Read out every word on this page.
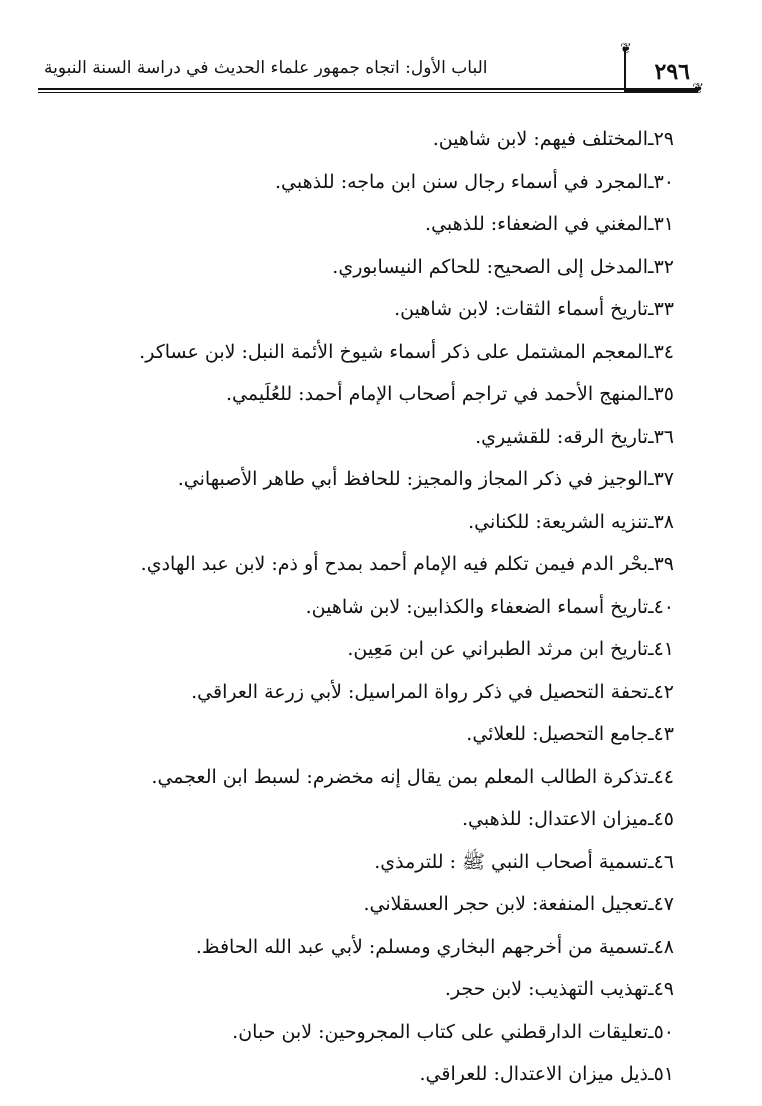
الباب الأول: اتجاه جمهور علماء الحديث في دراسة السنة النبوية
❦
❦
٢٩٦
٢٩ـ
المختلف فيهم: لابن شاهين.
٣٠ـ
المجرد في أسماء رجال سنن ابن ماجه: للذهبي.
٣١ـ
المغني في الضعفاء: للذهبي.
٣٢ـ
المدخل إلى الصحيح: للحاكم النيسابوري.
٣٣ـ
تاريخ أسماء الثقات: لابن شاهين.
٣٤ـ
المعجم المشتمل على ذكر أسماء شيوخ الأئمة النبل: لابن عساكر.
٣٥ـ
المنهج الأحمد في تراجم أصحاب الإمام أحمد: للعُلَيمي.
٣٦ـ
تاريخ الرقه: للقشيري.
٣٧ـ
الوجيز في ذكر المجاز والمجيز: للحافظ أبي طاهر الأصبهاني.
٣٨ـ
تنزيه الشريعة: للكناني.
٣٩ـ
بحْر الدم فيمن تكلم فيه الإمام أحمد بمدح أو ذم: لابن عبد الهادي.
٤٠ـ
تاريخ أسماء الضعفاء والكذابين: لابن شاهين.
٤١ـ
تاريخ ابن مرثد الطبراني عن ابن مَعِين.
٤٢ـ
تحفة التحصيل في ذكر رواة المراسيل: لأبي زرعة العراقي.
٤٣ـ
جامع التحصيل: للعلائي.
٤٤ـ
تذكرة الطالب المعلم بمن يقال إنه مخضرم: لسبط ابن العجمي.
٤٥ـ
ميزان الاعتدال: للذهبي.
٤٦ـ
تسمية أصحاب النبي ﷺ : للترمذي.
٤٧ـ
تعجيل المنفعة: لابن حجر العسقلاني.
٤٨ـ
تسمية من أخرجهم البخاري ومسلم: لأبي عبد الله الحافظ.
٤٩ـ
تهذيب التهذيب: لابن حجر.
٥٠ـ
تعليقات الدارقطني على كتاب المجروحين: لابن حبان.
٥١ـ
ذيل ميزان الاعتدال: للعراقي.
